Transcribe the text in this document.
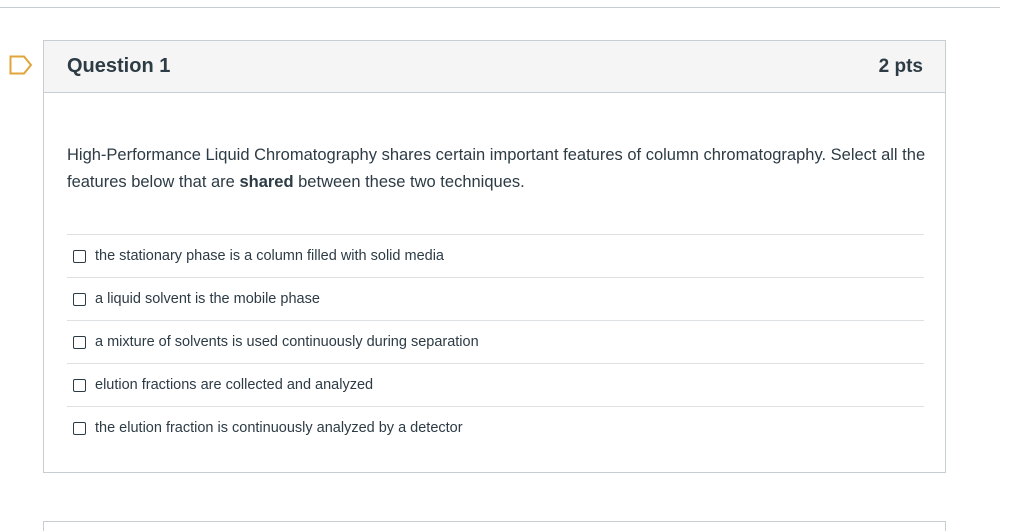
Question 1	2 pts
High-Performance Liquid Chromatography shares certain important features of column chromatography. Select all the features below that are shared between these two techniques.
the stationary phase is a column filled with solid media
a liquid solvent is the mobile phase
a mixture of solvents is used continuously during separation
elution fractions are collected and analyzed
the elution fraction is continuously analyzed by a detector
